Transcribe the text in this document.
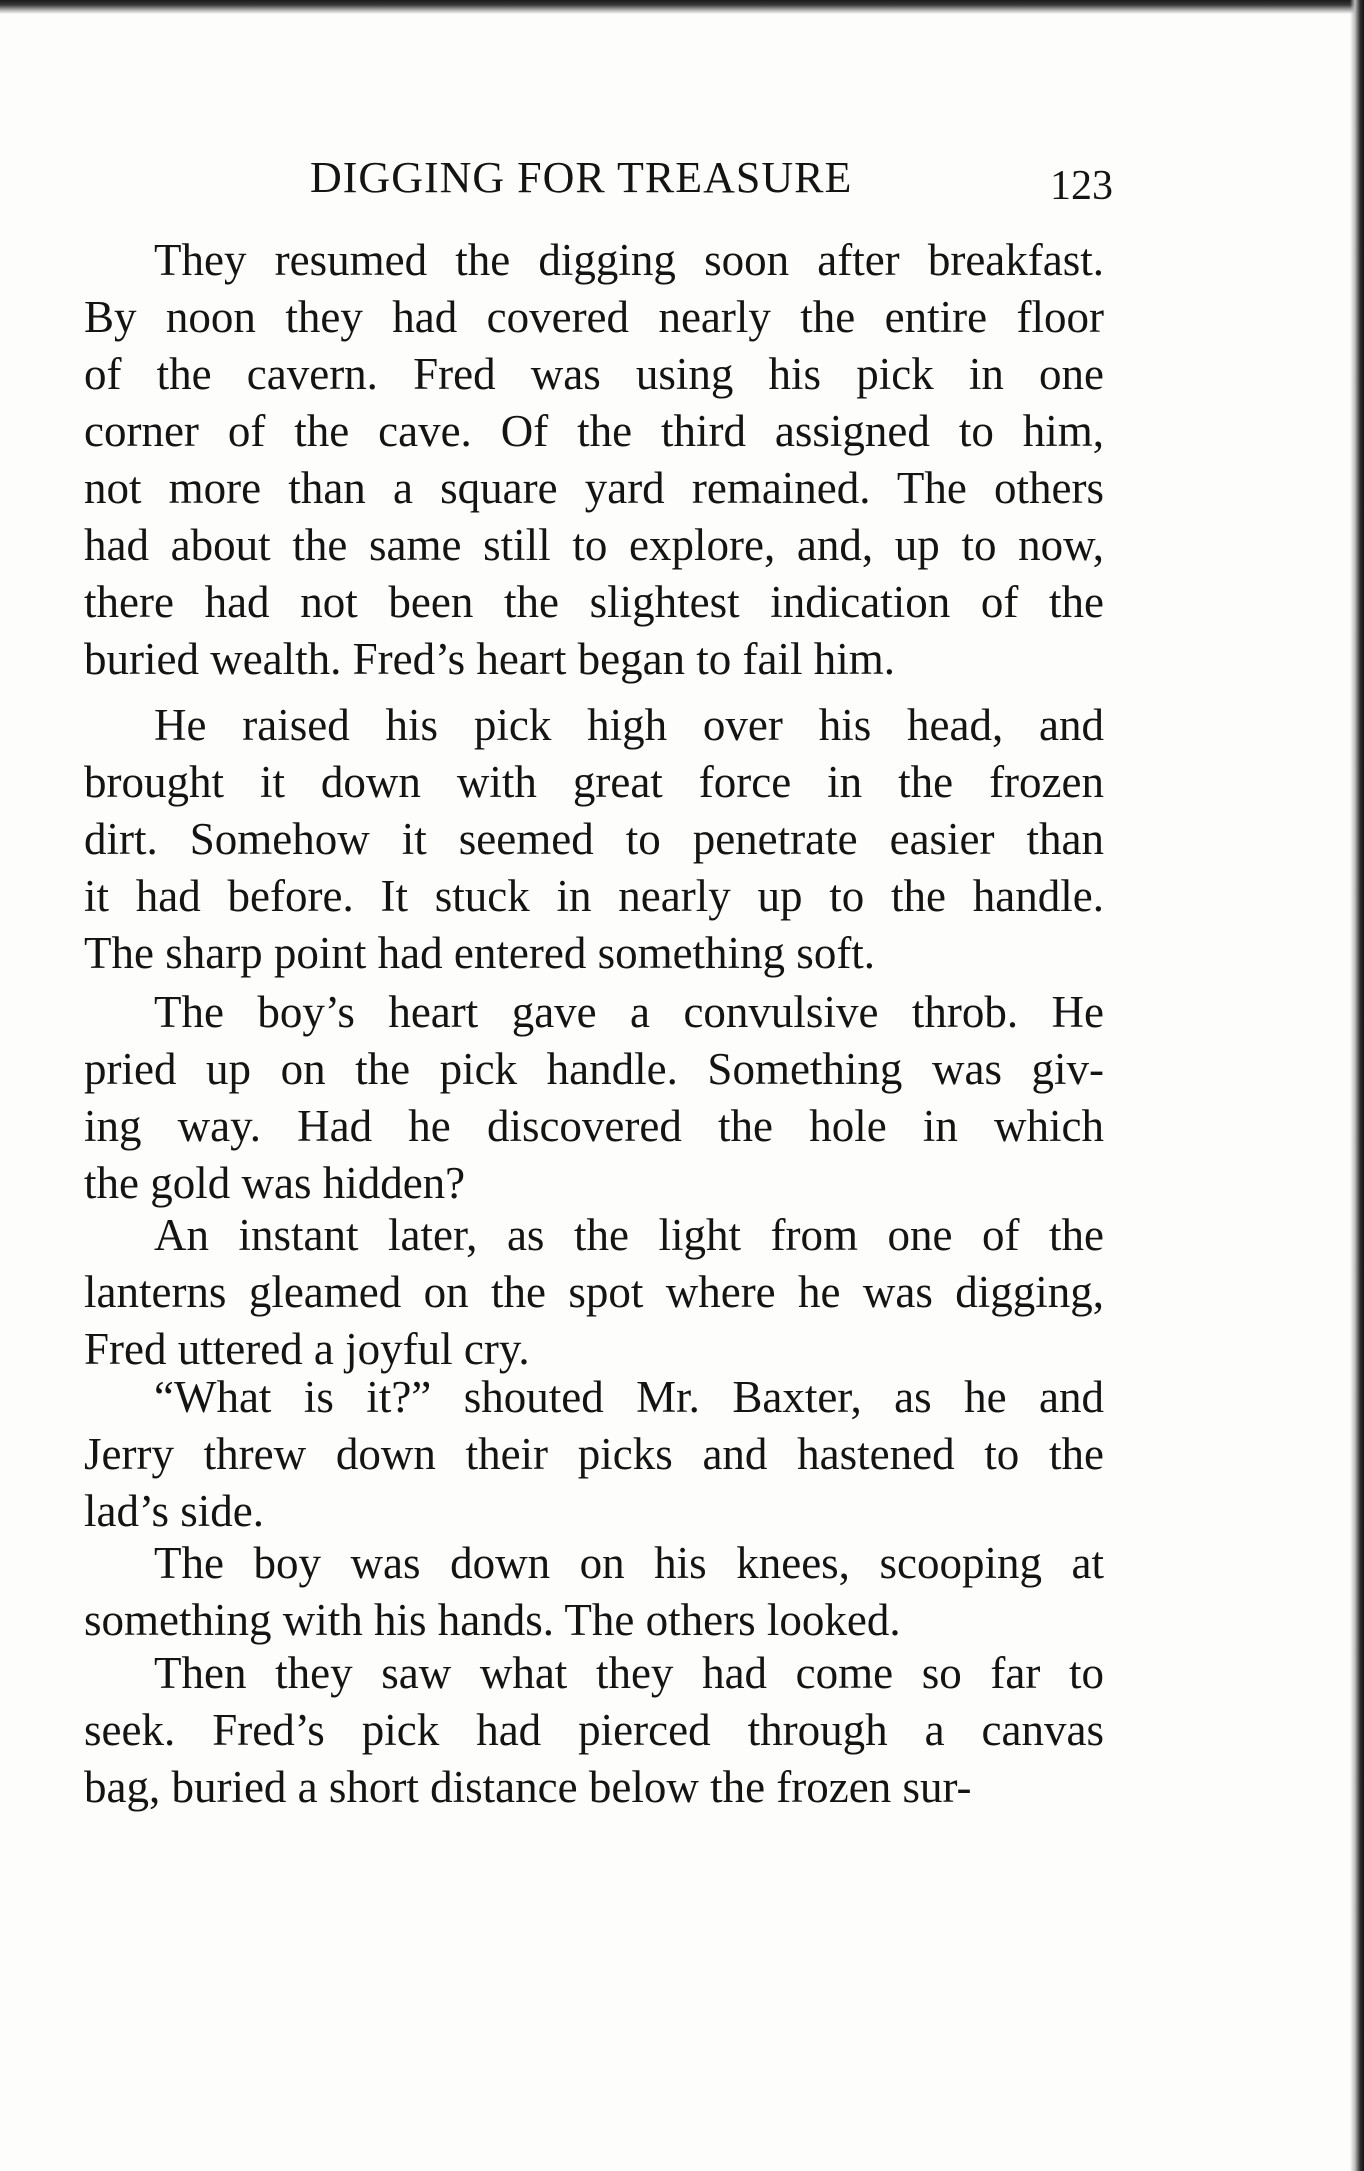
DIGGING FOR TREASURE	123
They resumed the digging soon after breakfast.
By noon they had covered nearly the entire floor
of the cavern. Fred was using his pick in one
corner of the cave. Of the third assigned to him,
not more than a square yard remained. The others
had about the same still to explore, and, up to now,
there had not been the slightest indication of the
buried wealth. Fred’s heart began to fail him.
He raised his pick high over his head, and
brought it down with great force in the frozen
dirt. Somehow it seemed to penetrate easier than
it had before. It stuck in nearly up to the handle.
The sharp point had entered something soft.
The boy’s heart gave a convulsive throb. He
pried up on the pick handle. Something was giv-
ing way. Had he discovered the hole in which
the gold was hidden?
An instant later, as the light from one of the
lanterns gleamed on the spot where he was digging,
Fred uttered a joyful cry.
“What is it?” shouted Mr. Baxter, as he and
Jerry threw down their picks and hastened to the
lad’s side.
The boy was down on his knees, scooping at
something with his hands. The others looked.
Then they saw what they had come so far to
seek. Fred’s pick had pierced through a canvas
bag, buried a short distance below the frozen sur-
